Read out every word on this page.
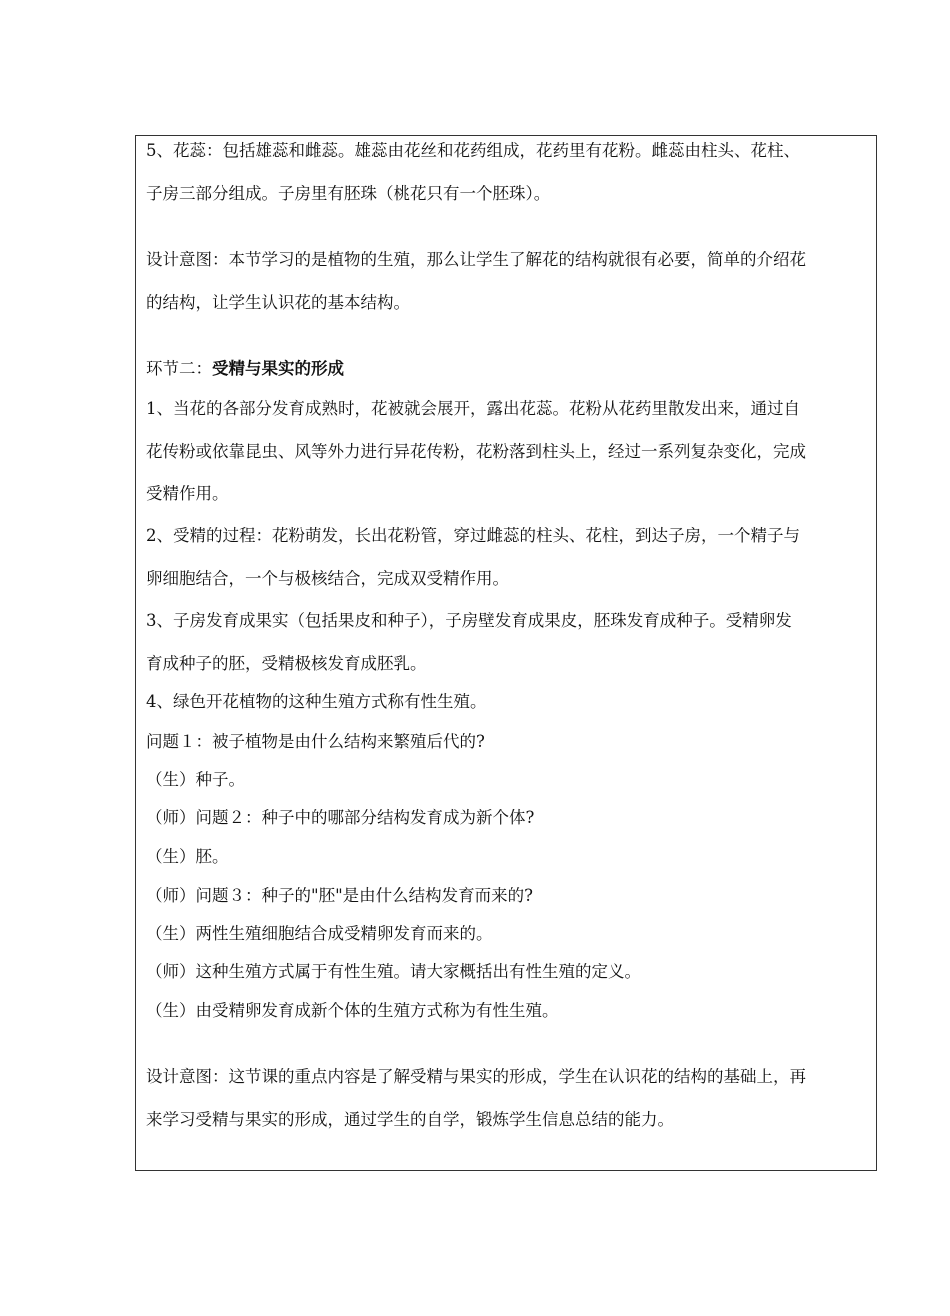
5、花蕊：包括雄蕊和雌蕊。雄蕊由花丝和花药组成，花药里有花粉。雌蕊由柱头、花柱、
子房三部分组成。子房里有胚珠（桃花只有一个胚珠）。
设计意图：本节学习的是植物的生殖，那么让学生了解花的结构就很有必要，简单的介绍花
的结构，让学生认识花的基本结构。
环节二：受精与果实的形成
1、当花的各部分发育成熟时，花被就会展开，露出花蕊。花粉从花药里散发出来，通过自
花传粉或依靠昆虫、风等外力进行异花传粉，花粉落到柱头上，经过一系列复杂变化，完成
受精作用。
2、受精的过程：花粉萌发，长出花粉管，穿过雌蕊的柱头、花柱，到达子房，一个精子与
卵细胞结合，一个与极核结合，完成双受精作用。
3、子房发育成果实（包括果皮和种子），子房壁发育成果皮，胚珠发育成种子。受精卵发
育成种子的胚，受精极核发育成胚乳。
4、绿色开花植物的这种生殖方式称有性生殖。
问题１：被子植物是由什么结构来繁殖后代的?
（生）种子。
（师）问题２：种子中的哪部分结构发育成为新个体?
（生）胚。
（师）问题３：种子的"胚"是由什么结构发育而来的?
（生）两性生殖细胞结合成受精卵发育而来的。
（师）这种生殖方式属于有性生殖。请大家概括出有性生殖的定义。
（生）由受精卵发育成新个体的生殖方式称为有性生殖。
设计意图：这节课的重点内容是了解受精与果实的形成，学生在认识花的结构的基础上，再
来学习受精与果实的形成，通过学生的自学，锻炼学生信息总结的能力。
